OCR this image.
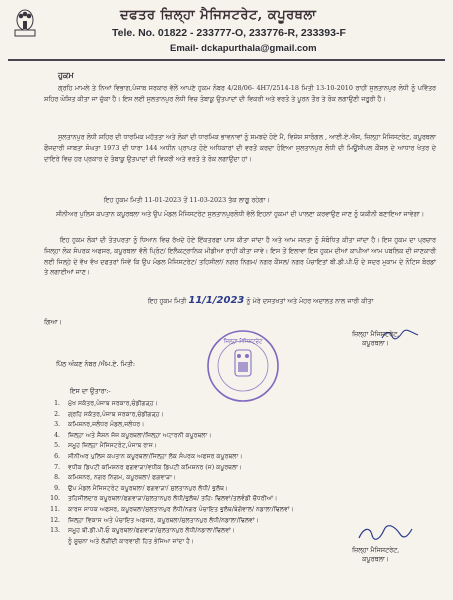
ਦਫਤਰ ਜ਼ਿਲ੍ਹਾ ਮੈਜਿਸਟਰੇਟ, ਕਪੂਰਥਲਾ
Tele. No. 01822 - 233777-O, 233776-R, 233393-F
Email- dckapurthala@gmail.com
ਹੁਕਮ
ਗ੍ਰਹਿ ਮਾਮਲੇ ਤੇ ਨਿਆਂ ਵਿਭਾਗ,ਪੰਜਾਬ ਸਰਕਾਰ ਵੱਲੋਂ ਆਪਣੇ ਹੁਕਮ ਨੰਬਰ 4/28/06- 4H7/2514-18 ਮਿਤੀ 13-10-2010 ਰਾਹੀਂ ਸੁਲਤਾਨਪੁਰ ਲੋਧੀ ਨੂੰ ਪਵਿੱਤਰ ਸ਼ਹਿਰ ਘੋਸ਼ਿਤ ਕੀਤਾ ਜਾ ਚੁੱਕਾ ਹੈ। ਇਸ ਲਈ ਸੁਲਤਾਨਪੁਰ ਲੋਧੀ ਵਿਚ ਤੰਬਾਕੂ ਉਤਪਾਦਾਂ ਦੀ ਵਿਕਰੀ ਅਤੇ ਵਰਤੋ ਤੇ ਪੂਰਨ ਤੌਰ ਤੇ ਰੋਕ ਲਗਾਉਣੀ ਜਰੂਰੀ ਹੈ।
ਸੁਲਤਾਨਪੁਰ ਲੋਧੀ ਸ਼ਹਿਰ ਦੀ ਧਾਰਮਿਕ ਮਹੱਤਤਾ ਅਤੇ ਲੋਕਾਂ ਦੀ ਧਾਰਮਿਕ ਭਾਵਨਾਵਾਂ ਨੂੰ ਸਮਝਦੇ ਹੋਏ ਮੈਂ, ਵਿਸ਼ੇਸ਼ ਸਾਰੰਗਲ , ਆਈ.ਏ.ਐਸ, ਜ਼ਿਲ੍ਹਾ ਮੈਜਿਸਟਰੇਟ, ਕਪੂਰਥਲਾ ਫੌਜਦਾਰੀ ਜਾਬਤਾ ਸੰਘਤਾ 1973 ਦੀ ਧਾਰਾ 144 ਅਧੀਨ ਪ੍ਰਾਪਤ ਹੋਏ ਅਧਿਕਾਰਾਂ ਦੀ ਵਰਤੋਂ ਕਰਦਾ ਹੋਇਆ ਸੁਲਤਾਨਪੁਰ ਲੋਧੀ ਦੀ ਮਿਊਂਸੀਪਲ ਕੌਂਸਲ ਦੇ ਆਧਾਰ ਖੇਤਰ ਦੇ ਦਾਇਰੇ ਵਿਚ ਹਰ ਪ੍ਰਕਾਰ ਦੇ ਤੰਬਾਕੂ ਉਤਪਾਦਾਂ ਦੀ ਵਿਕਰੀ ਅਤੇ ਵਰਤੋ ਤੇ ਰੋਕ ਲਗਾਉਂਦਾ ਹਾਂ।
ਇਹ ਹੁਕਮ ਮਿਤੀ 11-01-2023 ਤੋਂ 11-03-2023 ਤੱਕ ਲਾਗੂ ਰਹੇਗਾ।
ਸੀਨੀਅਰ ਪੁਲਿਸ ਕਪਤਾਨ ਕਪੂਰਥਲਾ ਅਤੇ ਉਪ ਮੰਡਲ ਮੈਜਿਸਟਰੇਟ ਸੁਲਤਾਨਪੁਰਲੋਧੀ ਵੱਲੋਂ ਇਹਨਾਂ ਹੁਕਮਾਂ ਦੀ ਪਾਲਣਾ ਕਰਵਾਉਣ ਜਾਣ ਨੂੰ ਯਕੀਨੀ ਬਣਾਇਆ ਜਾਵੇਗਾ।
ਇਹ ਹੁਕਮ ਲੋਕਾਂ ਦੀ ਤੰਤਪਰਤਾ ਨੂੰ ਧਿਆਨ ਵਿਚ ਰੱਖਦੇ ਹੋਏ ਇੱਕਤਰਫਾ ਪਾਸ ਕੀਤਾ ਜਾਂਦਾ ਹੈ ਅਤੇ ਆਮ ਜਨਤਾ ਨੂੰ ਸੰਬੋਧਿਤ ਕੀਤਾ ਜਾਂਦਾ ਹੈ। ਇਸ ਹੁਕਮ ਦਾ ਪ੍ਰਚਾਰ ਜਿਲ੍ਹਾ ਲੋਕ ਸੰਪਰਕ ਅਫਸਰ, ਕਪੂਰਥਲਾ ਵੱਲੋਂ ਪ੍ਰਿੰਟ/ ਇਲੈਕਟ੍ਰਾਨਿਕ ਮੀਡੀਆ ਰਾਹੀਂ ਕੀਤਾ ਜਾਵੇ। ਇਸ ਤੋਂ ਇਲਾਵਾ ਇਸ ਹੁਕਮ ਦੀਆਂ ਕਾਪੀਆਂ ਆਮ ਪਬਲਿਕ ਦੀ ਜਾਣਕਾਰੀ ਲਈ ਜਿਲ੍ਹੇ ਦੇ ਵੱਖ ਵੱਖ ਦਫਤਰਾਂ ਜਿਵੇਂ ਕਿ ਉਪ ਮੰਡਲ ਮੈਜਿਸਟਰੇਟ/ ਤਹਿਸੀਲਾਂ/ ਨਗਰ ਨਿਗਮ/ ਨਗਰ ਕੌਂਸਲ/ ਨਗਰ ਪੰਚਾਇਤਾਂ ਬੀ.ਡੀ.ਪੀ.ਓ ਦੇ ਸਦਰ ਮੁਕਾਮ ਦੇ ਨੋਟਿਸ ਬੋਰਡਾਂ ਤੇ ਲਗਾਈਆਂ ਜਾਣ।
ਇਹ ਹੁਕਮ ਮਿਤੀ 11/1/2023 ਨੂੰ ਮੇਰੇ ਦਸਤਖਤਾਂ ਅਤੇ ਮੋਹਰ ਅਦਾਲਤ ਨਾਲ ਜਾਰੀ ਕੀਤਾ
ਗਿਆ।
ਜ਼ਿਲ੍ਹਾ ਮੈਜਿਸਟਰੇਟ,
ਕਪੂਰਥਲਾ।
ਜ਼ਿਲ੍ਹਾ ਮੈਜਿਸਟਰੇਟ
ਪਿੱਠ ਅੰਕਣ ਨੰਬਰ /ਐਮ.ਏ. ਮਿਤੀ:
ਇਸ ਦਾ ਉਤਾਰਾ:-
1.	ਮੁੱਖ ਸਕੱਤਰ,ਪੰਜਾਬ ਸਰਕਾਰ,ਚੰਡੀਗੜ੍ਹ।
2.	ਗ੍ਰਹਿ ਸਕੱਤਰ,ਪੰਜਾਬ ਸਰਕਾਰ,ਚੰਡੀਗੜ੍ਹ।
3.	ਕਮਿਸ਼ਨਰ,ਜਲੰਧਰ ਮੰਡਲ,ਜਲੰਧਰ।
4.	ਜ਼ਿਲ੍ਹਾ ਅਤੇ ਸੈਸ਼ਨ ਜੱਜ ਕਪੂਰਥਲਾ/ਜਿਲ੍ਹਾ ਅਟਾਰਨੀ ਕਪੂਰਥਲਾ।
5.	ਸਮੂਹ ਜ਼ਿਲ੍ਹਾ ਮੈਜਿਸਟਰੇਟ,ਪੰਜਾਬ ਰਾਜ।
6.	ਸੀਨੀਅਰ ਪੁਲਿਸ ਕਪਤਾਨ ਕਪੂਰਥਲਾ/ਜਿਲ੍ਹਾ ਲੋਕ ਸੰਪਰਕ ਅਫਸਰ ਕਪੂਰਥਲਾ।
7.	ਵਧੀਕ ਡਿਪਟੀ ਕਮਿਸ਼ਨਰ ਫਗਵਾੜਾ/ਵਧੀਕ ਡਿਪਟੀ ਕਮਿਸ਼ਨਰ (ਜ) ਕਪੂਰਥਲਾ।
8.	ਕਮਿਸ਼ਨਰ, ਨਗਰ ਨਿਗਮ, ਕਪੂਰਥਲਾ/ ਫਗਵਾੜਾ।
9.	ਉਪ ਮੰਡਲ ਮੈਜਿਸਟਰੇਟ ਕਪੂਰਥਲਾ/ ਫਗਵਾੜਾ/ ਸੁਲਤਾਨਪੁਰ ਲੋਧੀ/ ਭੁਲੱਥ।
10.	ਤਹਿਸੀਲਦਾਰ ਕਪੂਰਥਲਾ/ਫਗਵਾੜਾ/ਸੁਲਤਾਨਪੁਰ ਲੋਧੀ/ਭੁਲੱਥ/ ਤਹਿ: ਢਿਲਵਾਂ/ਤਲਵੰਡੀ ਚੌਧਰੀਆਂ।
11.	ਕਾਰਜ ਸਾਧਕ ਅਫਸਰ, ਕਪੂਰਥਲਾ/ਸੁਲਤਾਨਪੁਰ ਲੋਧੀ/ਨਗਰ ਪੰਚਾਇਤ ਭੁਲੱਥ/ਬੇਗੋਵਾਲ/ ਨਡਾਲਾ/ਢਿਲਵਾਂ।
12.	ਜ਼ਿਲ੍ਹਾ ਵਿਕਾਸ ਅਤੇ ਪੰਚਾਇਤ ਅਫਸਰ, ਕਪੂਰਥਲਾ/ਸੁਲਤਾਨਪੁਰ ਲੋਧੀ/ਨਡਾਲਾ/ਢਿਲਵਾਂ।
13.	ਸਮੂਹ ਬੀ.ਡੀ.ਪੀ.ਓ ਕਪੂਰਥਲਾ/ਫਗਵਾੜਾ/ਸੁਲਤਾਨਪੁਰ ਲੋਧੀ/ਨਡਾਲਾ/ਢਿਲਵਾਂ।
ਨੂੰ ਸੂਚਨਾ ਅਤੇ ਲੋੜੀਂਦੀ ਕਾਰਵਾਈ ਹਿਤ ਭੇਜਿਆ ਜਾਂਦਾ ਹੈ।
ਜ਼ਿਲ੍ਹਾ ਮੈਜਿਸਟਰੇਟ,
ਕਪੂਰਥਲਾ।
